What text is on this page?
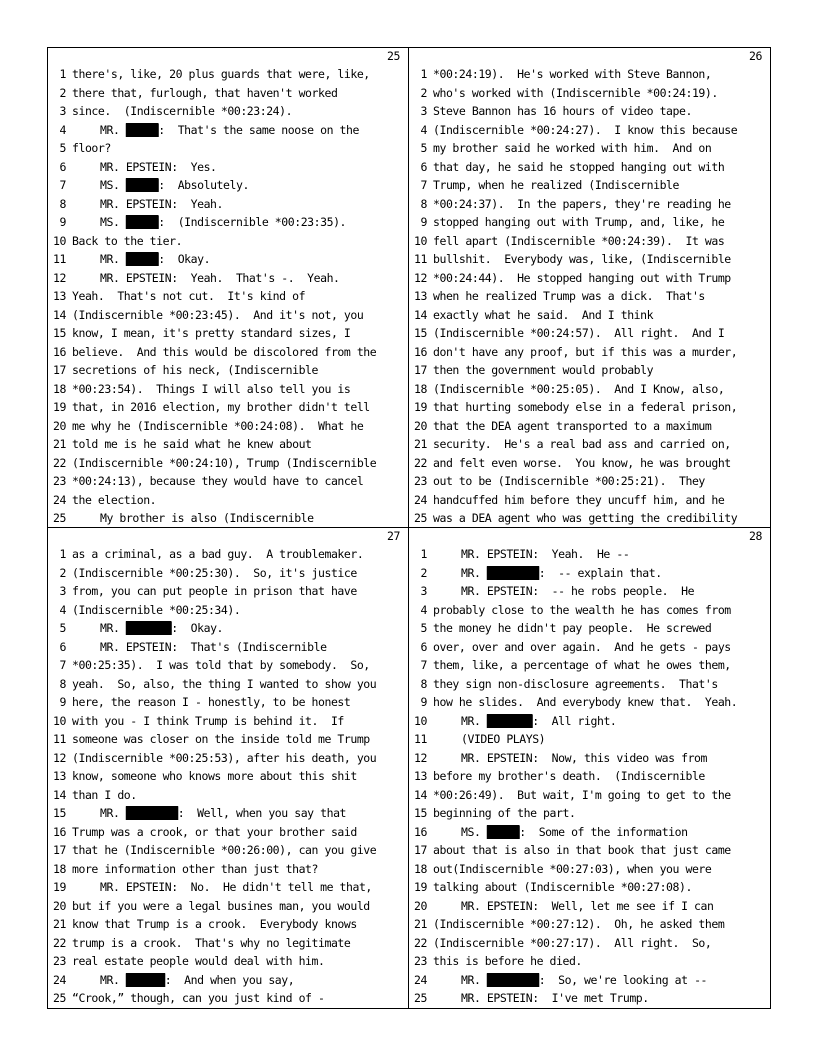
25
1 there's, like, 20 plus guards that were, like,
2 there that, furlough, that haven't worked
3 since.  (Indiscernible *00:23:24).
4	MR. █████:  That's the same noose on the
5 floor?
6	MR. EPSTEIN:  Yes.
7	MS. █████:  Absolutely.
8	MR. EPSTEIN:  Yeah.
9	MS. █████:  (Indiscernible *00:23:35).
10 Back to the tier.
11	MR. █████:  Okay.
12	MR. EPSTEIN:  Yeah.  That's -.  Yeah.
13 Yeah.  That's not cut.  It's kind of
14 (Indiscernible *00:23:45).  And it's not, you
15 know, I mean, it's pretty standard sizes, I
16 believe.  And this would be discolored from the
17 secretions of his neck, (Indiscernible
18 *00:23:54).  Things I will also tell you is
19 that, in 2016 election, my brother didn't tell
20 me why he (Indiscernible *00:24:08).  What he
21 told me is he said what he knew about
22 (Indiscernible *00:24:10), Trump (Indiscernible
23 *00:24:13), because they would have to cancel
24 the election.
25	My brother is also (Indiscernible
26
1 *00:24:19).  He's worked with Steve Bannon,
2 who's worked with (Indiscernible *00:24:19).
3 Steve Bannon has 16 hours of video tape.
4 (Indiscernible *00:24:27).  I know this because
5 my brother said he worked with him.  And on
6 that day, he said he stopped hanging out with
7 Trump, when he realized (Indiscernible
8 *00:24:37).  In the papers, they're reading he
9 stopped hanging out with Trump, and, like, he
10 fell apart (Indiscernible *00:24:39).  It was
11 bullshit.  Everybody was, like, (Indiscernible
12 *00:24:44).  He stopped hanging out with Trump
13 when he realized Trump was a dick.  That's
14 exactly what he said.  And I think
15 (Indiscernible *00:24:57).  All right.  And I
16 don't have any proof, but if this was a murder,
17 then the government would probably
18 (Indiscernible *00:25:05).  And I Know, also,
19 that hurting somebody else in a federal prison,
20 that the DEA agent transported to a maximum
21 security.  He's a real bad ass and carried on,
22 and felt even worse.  You know, he was brought
23 out to be (Indiscernible *00:25:21).  They
24 handcuffed him before they uncuff him, and he
25 was a DEA agent who was getting the credibility
27
1 as a criminal, as a bad guy.  A troublemaker.
2 (Indiscernible *00:25:30).  So, it's justice
3 from, you can put people in prison that have
4 (Indiscernible *00:25:34).
5	MR. ███████:  Okay.
6	MR. EPSTEIN:  That's (Indiscernible
7 *00:25:35).  I was told that by somebody.  So,
8 yeah.  So, also, the thing I wanted to show you
9 here, the reason I - honestly, to be honest
10 with you - I think Trump is behind it.  If
11 someone was closer on the inside told me Trump
12 (Indiscernible *00:25:53), after his death, you
13 know, someone who knows more about this shit
14 than I do.
15	MR. ████████:  Well, when you say that
16 Trump was a crook, or that your brother said
17 that he (Indiscernible *00:26:00), can you give
18 more information other than just that?
19	MR. EPSTEIN:  No.  He didn't tell me that,
20 but if you were a legal busines man, you would
21 know that Trump is a crook.  Everybody knows
22 trump is a crook.  That's why no legitimate
23 real estate people would deal with him.
24	MR. ██████:  And when you say,
25 “Crook,” though, can you just kind of -
28
1	MR. EPSTEIN:  Yeah.  He --
2	MR. ████████:  -- explain that.
3	MR. EPSTEIN:  -- he robs people.  He
4 probably close to the wealth he has comes from
5 the money he didn't pay people.  He screwed
6 over, over and over again.  And he gets - pays
7 them, like, a percentage of what he owes them,
8 they sign non-disclosure agreements.  That's
9 how he slides.  And everybody knew that.  Yeah.
10	MR. ███████:  All right.
11	(VIDEO PLAYS)
12	MR. EPSTEIN:  Now, this video was from
13 before my brother's death.  (Indiscernible
14 *00:26:49).  But wait, I'm going to get to the
15 beginning of the part.
16	MS. █████:  Some of the information
17 about that is also in that book that just came
18 out(Indiscernible *00:27:03), when you were
19 talking about (Indiscernible *00:27:08).
20	MR. EPSTEIN:  Well, let me see if I can
21 (Indiscernible *00:27:12).  Oh, he asked them
22 (Indiscernible *00:27:17).  All right.  So,
23 this is before he died.
24	MR. ████████:  So, we're looking at --
25	MR. EPSTEIN:  I've met Trump.
